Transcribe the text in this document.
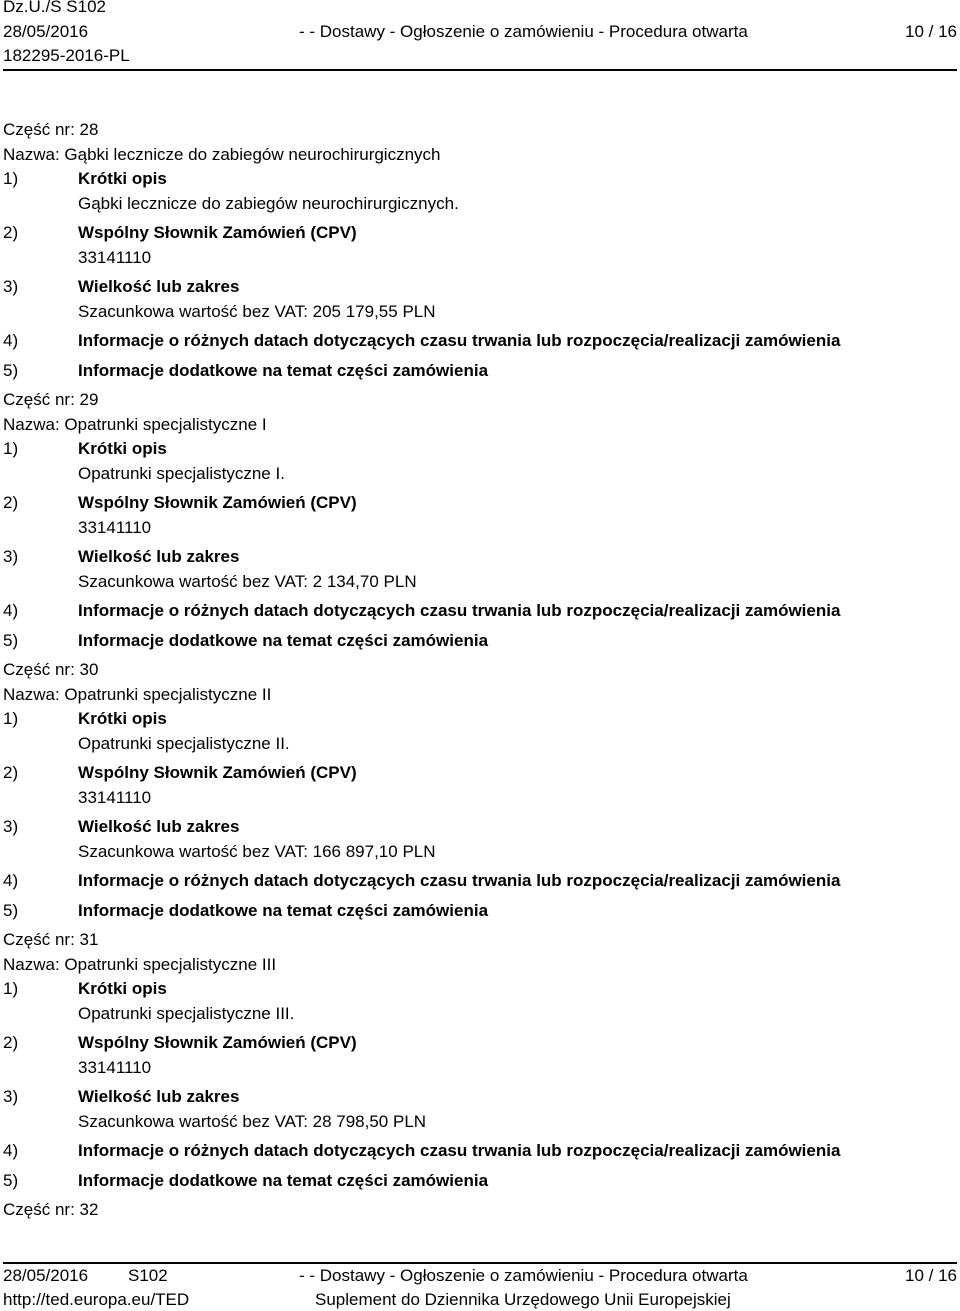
Dz.U./S S102
28/05/2016
182295-2016-PL
- - Dostawy - Ogłoszenie o zamówieniu - Procedura otwarta	10 / 16
Część nr: 28
Nazwa: Gąbki lecznicze do zabiegów neurochirurgicznych
1)	Krótki opis
Gąbki lecznicze do zabiegów neurochirurgicznych.
2)	Wspólny Słownik Zamówień (CPV)
33141110
3)	Wielkość lub zakres
Szacunkowa wartość bez VAT: 205 179,55 PLN
4)	Informacje o różnych datach dotyczących czasu trwania lub rozpoczęcia/realizacji zamówienia
5)	Informacje dodatkowe na temat części zamówienia
Część nr: 29
Nazwa: Opatrunki specjalistyczne I
1)	Krótki opis
Opatrunki specjalistyczne I.
2)	Wspólny Słownik Zamówień (CPV)
33141110
3)	Wielkość lub zakres
Szacunkowa wartość bez VAT: 2 134,70 PLN
4)	Informacje o różnych datach dotyczących czasu trwania lub rozpoczęcia/realizacji zamówienia
5)	Informacje dodatkowe na temat części zamówienia
Część nr: 30
Nazwa: Opatrunki specjalistyczne II
1)	Krótki opis
Opatrunki specjalistyczne II.
2)	Wspólny Słownik Zamówień (CPV)
33141110
3)	Wielkość lub zakres
Szacunkowa wartość bez VAT: 166 897,10 PLN
4)	Informacje o różnych datach dotyczących czasu trwania lub rozpoczęcia/realizacji zamówienia
5)	Informacje dodatkowe na temat części zamówienia
Część nr: 31
Nazwa: Opatrunki specjalistyczne III
1)	Krótki opis
Opatrunki specjalistyczne III.
2)	Wspólny Słownik Zamówień (CPV)
33141110
3)	Wielkość lub zakres
Szacunkowa wartość bez VAT: 28 798,50 PLN
4)	Informacje o różnych datach dotyczących czasu trwania lub rozpoczęcia/realizacji zamówienia
5)	Informacje dodatkowe na temat części zamówienia
Część nr: 32
28/05/2016 S102
http://ted.europa.eu/TED
- - Dostawy - Ogłoszenie o zamówieniu - Procedura otwarta
Suplement do Dziennika Urzędowego Unii Europejskiej
10 / 16
